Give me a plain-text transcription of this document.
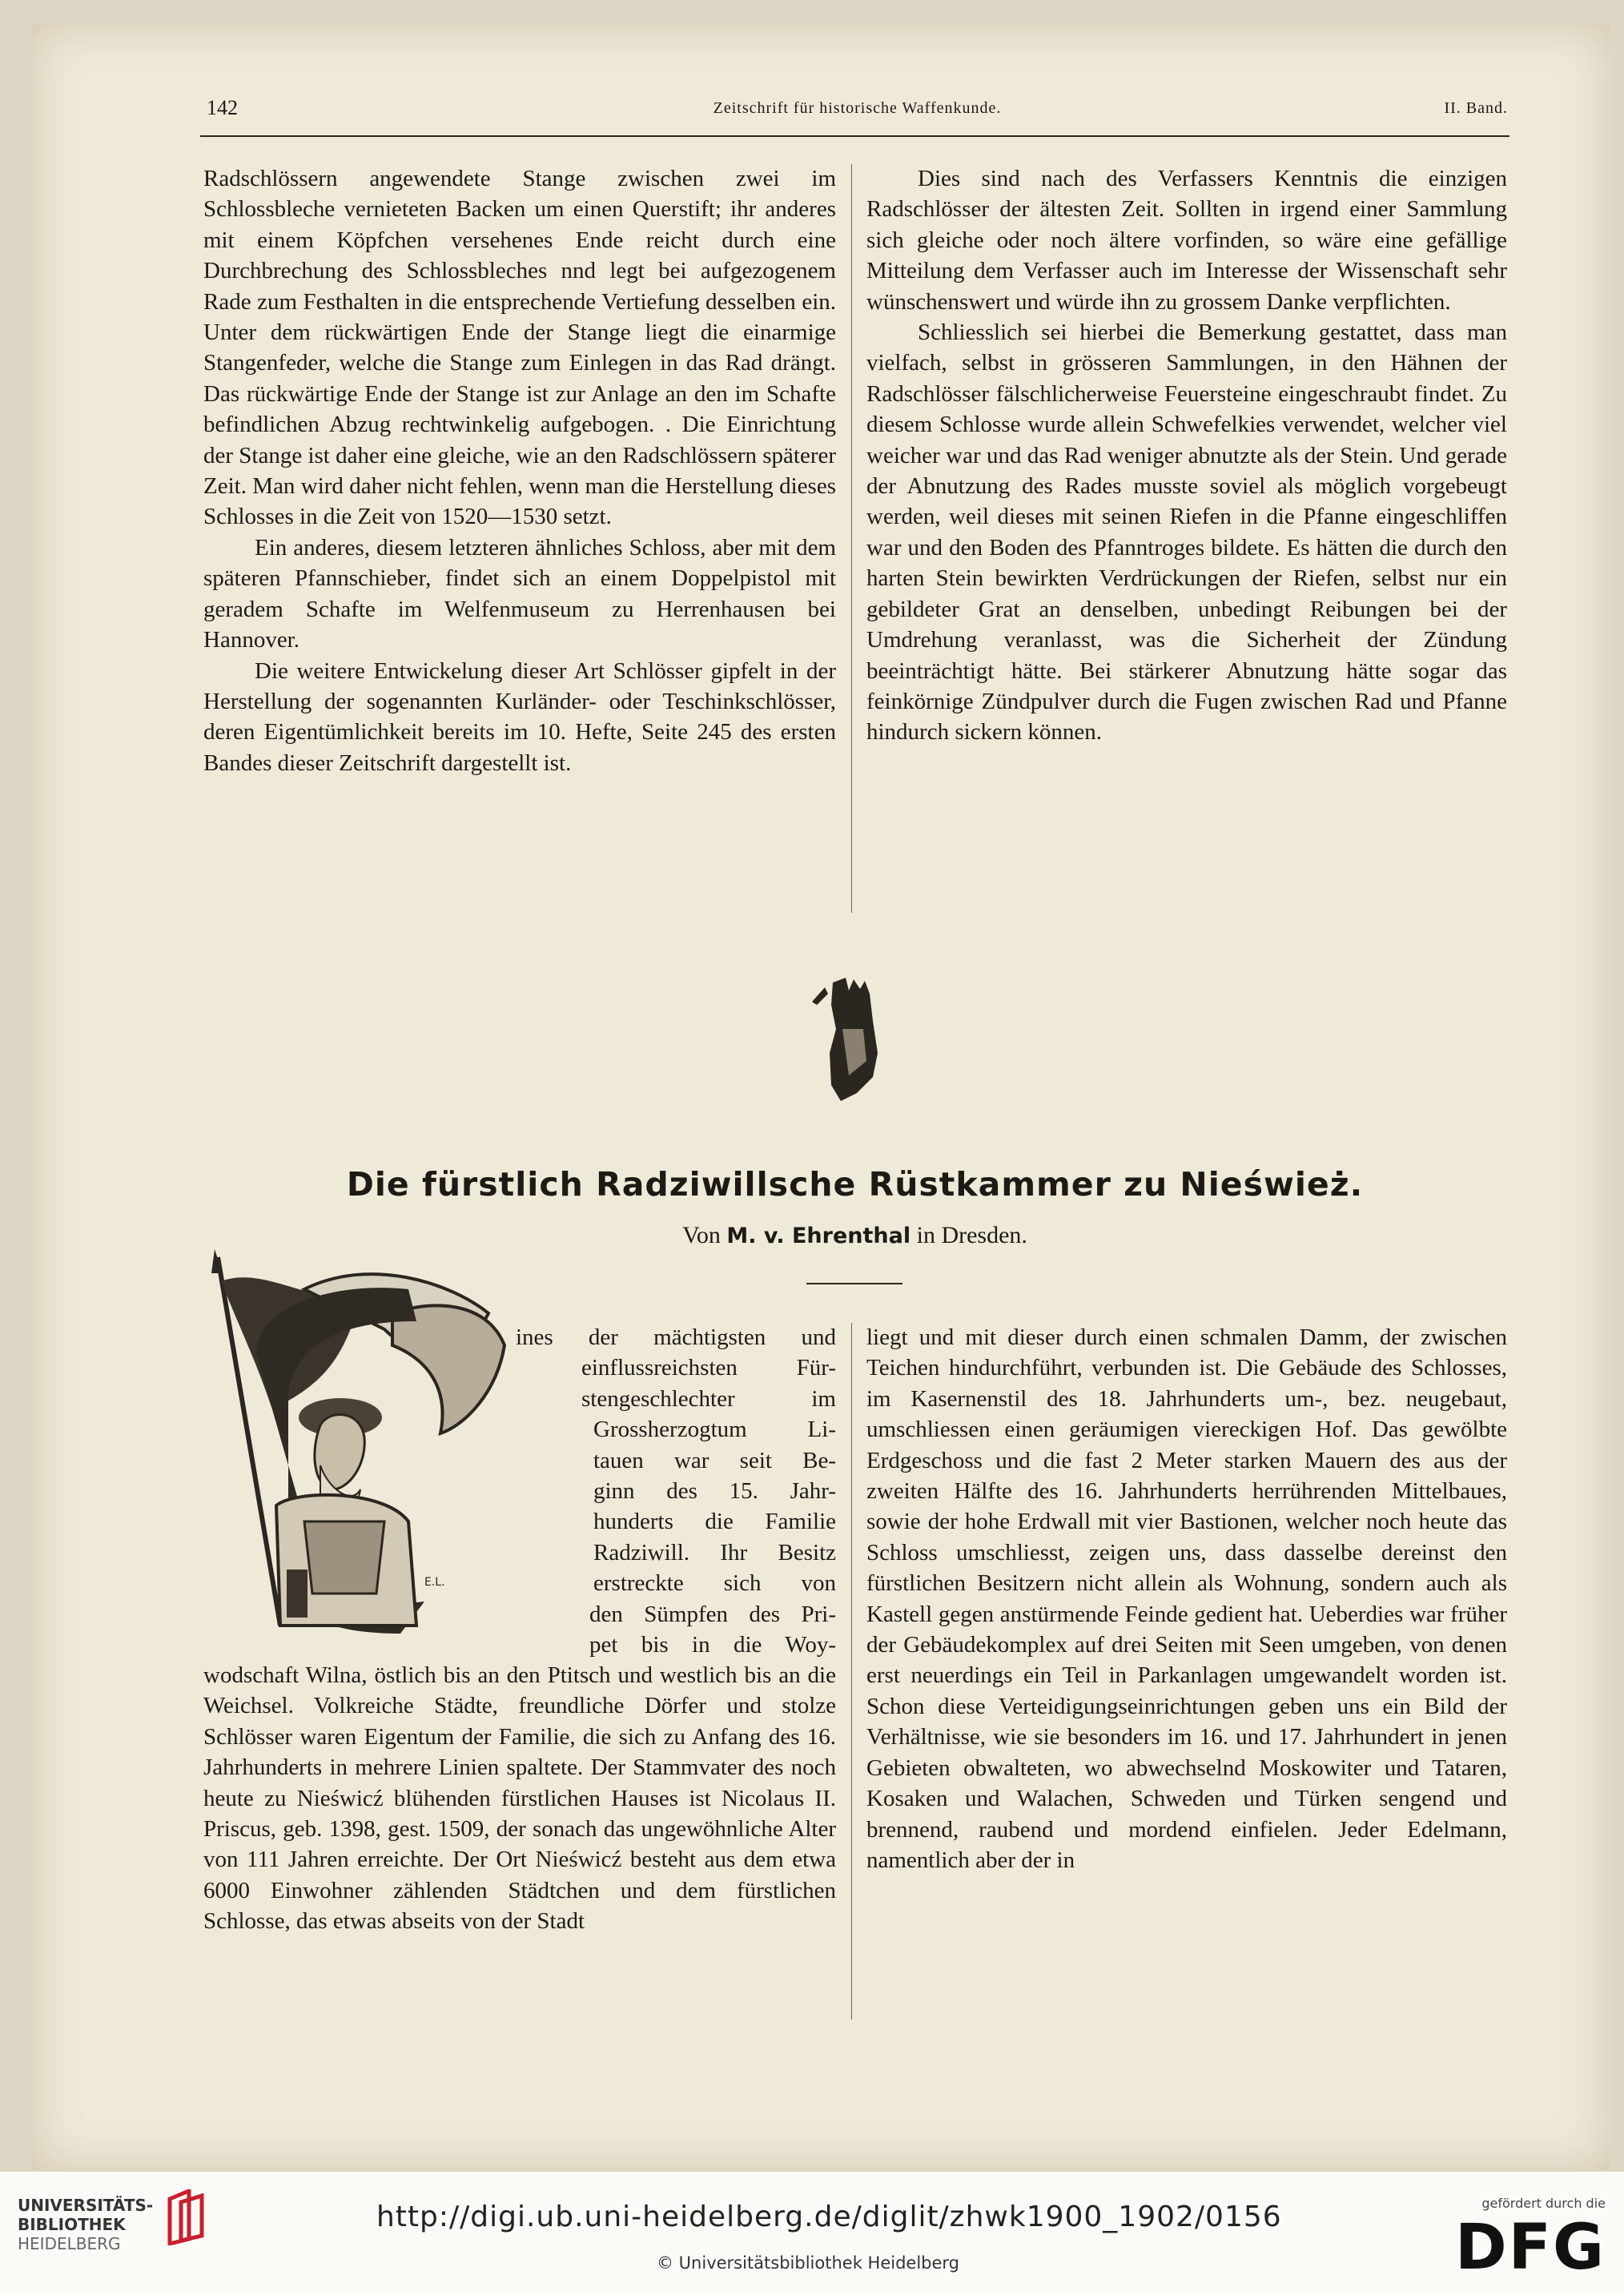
142	Zeitschrift für historische Waffenkunde.	II. Band.

Radschlössern angewendete Stange zwischen zwei im Schlossbleche vernieteten Backen um einen Querstift; ihr anderes mit einem Köpfchen versehenes Ende reicht durch eine Durchbrechung des Schlossbleches nnd legt bei aufgezogenem Rade zum Festhalten in die entsprechende Vertiefung desselben ein. Unter dem rückwärtigen Ende der Stange liegt die einarmige Stangenfeder, welche die Stange zum Einlegen in das Rad drängt. Das rückwärtige Ende der Stange ist zur Anlage an den im Schafte befindlichen Abzug rechtwinkelig aufgebogen. . Die Einrichtung der Stange ist daher eine gleiche, wie an den Radschlössern späterer Zeit. Man wird daher nicht fehlen, wenn man die Herstellung dieses Schlosses in die Zeit von 1520—1530 setzt.

Ein anderes, diesem letzteren ähnliches Schloss, aber mit dem späteren Pfannschieber, findet sich an einem Doppelpistol mit geradem Schafte im Welfenmuseum zu Herrenhausen bei Hannover.

Die weitere Entwickelung dieser Art Schlösser gipfelt in der Herstellung der sogenannten Kurländer- oder Teschinkschlösser, deren Eigentümlichkeit bereits im 10. Hefte, Seite 245 des ersten Bandes dieser Zeitschrift dargestellt ist.

Dies sind nach des Verfassers Kenntnis die einzigen Radschlösser der ältesten Zeit. Sollten in irgend einer Sammlung sich gleiche oder noch ältere vorfinden, so wäre eine gefällige Mitteilung dem Verfasser auch im Interesse der Wissenschaft sehr wünschenswert und würde ihn zu grossem Danke verpflichten.

Schliesslich sei hierbei die Bemerkung gestattet, dass man vielfach, selbst in grösseren Sammlungen, in den Hähnen der Radschlösser fälschlicherweise Feuersteine eingeschraubt findet. Zu diesem Schlosse wurde allein Schwefelkies verwendet, welcher viel weicher war und das Rad weniger abnutzte als der Stein. Und gerade der Abnutzung des Rades musste soviel als möglich vorgebeugt werden, weil dieses mit seinen Riefen in die Pfanne eingeschliffen war und den Boden des Pfanntroges bildete. Es hätten die durch den harten Stein bewirkten Verdrückungen der Riefen, selbst nur ein gebildeter Grat an denselben, unbedingt Reibungen bei der Umdrehung veranlasst, was die Sicherheit der Zündung beeinträchtigt hätte. Bei stärkerer Abnutzung hätte sogar das feinkörnige Zündpulver durch die Fugen zwischen Rad und Pfanne hindurch sickern können.

Die fürstlich Radziwillsche Rüstkammer zu Nieśwież.
Von M. v. Ehrenthal in Dresden.
E.L.
ines der mächtigsten und
einflussreichsten Für-
stengeschlechter im
Grossherzogtum Li-
tauen war seit Be-
ginn des 15. Jahr-
hunderts die Familie
Radziwill. Ihr Besitz
erstreckte sich von
den Sümpfen des Pri-
pet bis in die Woy-

wodschaft Wilna, östlich bis an den Ptitsch und westlich bis an die Weichsel. Volkreiche Städte, freundliche Dörfer und stolze Schlösser waren Eigentum der Familie, die sich zu Anfang des 16. Jahrhunderts in mehrere Linien spaltete. Der Stammvater des noch heute zu Nieświcź blühenden fürstlichen Hauses ist Nicolaus II. Priscus, geb. 1398, gest. 1509, der sonach das ungewöhnliche Alter von 111 Jahren erreichte. Der Ort Nieświcź besteht aus dem etwa 6000 Einwohner zählenden Städtchen und dem fürstlichen Schlosse, das etwas abseits von der Stadt

liegt und mit dieser durch einen schmalen Damm, der zwischen Teichen hindurchführt, verbunden ist. Die Gebäude des Schlosses, im Kasernenstil des 18. Jahrhunderts um-, bez. neugebaut, umschliessen einen geräumigen viereckigen Hof. Das gewölbte Erdgeschoss und die fast 2 Meter starken Mauern des aus der zweiten Hälfte des 16. Jahrhunderts herrührenden Mittelbaues, sowie der hohe Erdwall mit vier Bastionen, welcher noch heute das Schloss umschliesst, zeigen uns, dass dasselbe dereinst den fürstlichen Besitzern nicht allein als Wohnung, sondern auch als Kastell gegen anstürmende Feinde gedient hat. Ueberdies war früher der Gebäudekomplex auf drei Seiten mit Seen umgeben, von denen erst neuerdings ein Teil in Parkanlagen umgewandelt worden ist. Schon diese Verteidigungseinrichtungen geben uns ein Bild der Verhältnisse, wie sie besonders im 16. und 17. Jahrhundert in jenen Gebieten obwalteten, wo abwechselnd Moskowiter und Tataren, Kosaken und Walachen, Schweden und Türken sengend und brennend, raubend und mordend einfielen. Jeder Edelmann, namentlich aber der in

UNIVERSITÄTS-
BIBLIOTHEK
HEIDELBERG
http://digi.ub.uni-heidelberg.de/diglit/zhwk1900_1902/0156
© Universitätsbibliothek Heidelberg
gefördert durch die
DFG
